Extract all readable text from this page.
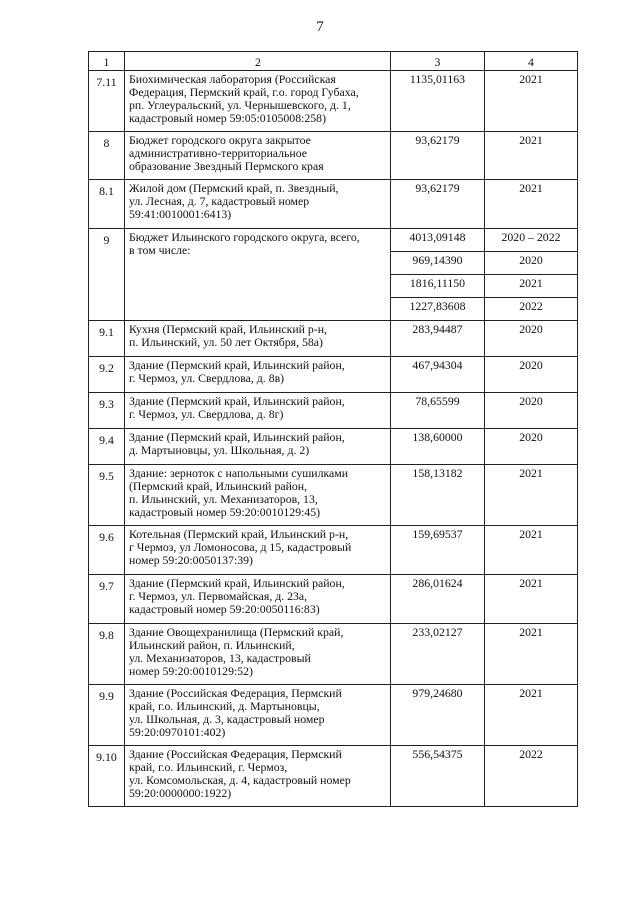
7
1	2	3	4
7.11	Биохимическая лаборатория (Российская
Федерация, Пермский край, г.о. город Губаха,
рп. Углеуральский, ул. Чернышевского, д. 1,
кадастровый номер 59:05:0105008:258)	1135,01163	2021
8	Бюджет городского округа закрытое
административно-территориальное
образование Звездный Пермского края	93,62179	2021
8.1	Жилой дом (Пермский край, п. Звездный,
ул. Лесная, д. 7, кадастровый номер
59:41:0010001:6413)	93,62179	2021
9	Бюджет Ильинского городского округа, всего,
в том числе:	4013,09148	2020 – 2022
		969,14390	2020
		1816,11150	2021
		1227,83608	2022
9.1	Кухня (Пермский край, Ильинский р-н,
п. Ильинский, ул. 50 лет Октября, 58а)	283,94487	2020
9.2	Здание (Пермский край, Ильинский район,
г. Чермоз, ул. Свердлова, д. 8в)	467,94304	2020
9.3	Здание (Пермский край, Ильинский район,
г. Чермоз, ул. Свердлова, д. 8г)	78,65599	2020
9.4	Здание (Пермский край, Ильинский район,
д. Мартыновцы, ул. Школьная, д. 2)	138,60000	2020
9.5	Здание: зерноток с напольными сушилками
(Пермский край, Ильинский район,
п. Ильинский, ул. Механизаторов, 13,
кадастровый номер 59:20:0010129:45)	158,13182	2021
9.6	Котельная (Пермский край, Ильинский р-н,
г Чермоз, ул Ломоносова, д 15, кадастровый
номер 59:20:0050137:39)	159,69537	2021
9.7	Здание (Пермский край, Ильинский район,
г. Чермоз, ул. Первомайская, д. 23а,
кадастровый номер 59:20:0050116:83)	286,01624	2021
9.8	Здание Овощехранилища (Пермский край,
Ильинский район, п. Ильинский,
ул. Механизаторов, 13, кадастровый
номер 59:20:0010129:52)	233,02127	2021
9.9	Здание (Российская Федерация, Пермский
край, г.о. Ильинский, д. Мартыновцы,
ул. Школьная, д. 3, кадастровый номер
59:20:0970101:402)	979,24680	2021
9.10	Здание (Российская Федерация, Пермский
край, г.о. Ильинский, г. Чермоз,
ул. Комсомольская, д. 4, кадастровый номер
59:20:0000000:1922)	556,54375	2022
